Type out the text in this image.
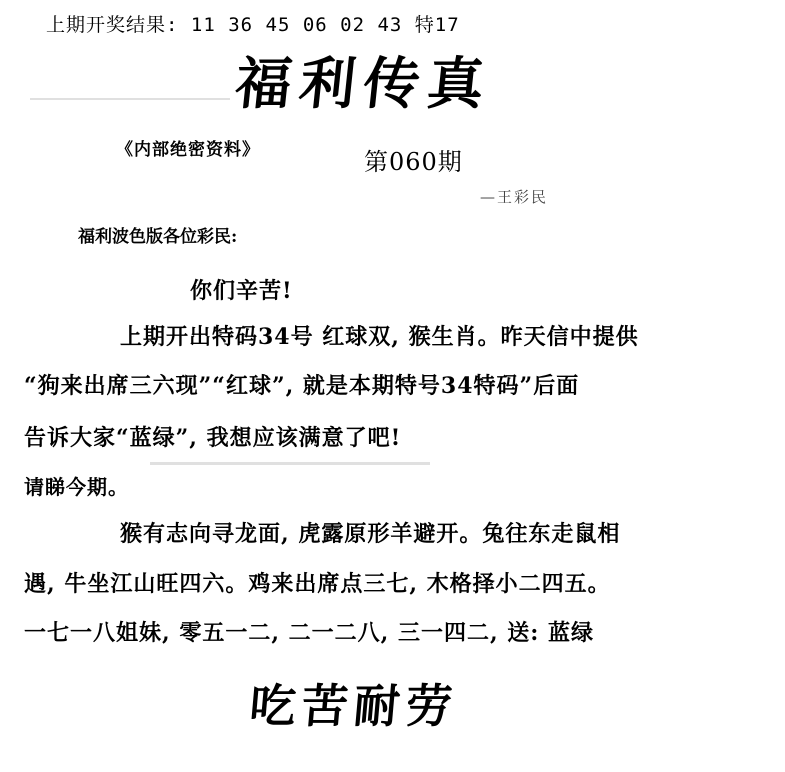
上期开奖结果: 11 36 45 06 02 43 特17
福利传真
《内部绝密资料》	第060期
—王彩民
福利波色版各位彩民:
你们辛苦!
上期开出特码34号 红球双, 猴生肖。昨天信中提供
“狗来出席三六现”“红球”, 就是本期特号34特码”后面
告诉大家“蓝绿”, 我想应该满意了吧!
请睇今期。
猴有志向寻龙面, 虎露原形羊避开。兔往东走鼠相
遇, 牛坐江山旺四六。鸡来出席点三七, 木格择小二四五。
一七一八姐妹, 零五一二, 二一二八, 三一四二, 送: 蓝绿
吃苦耐劳
